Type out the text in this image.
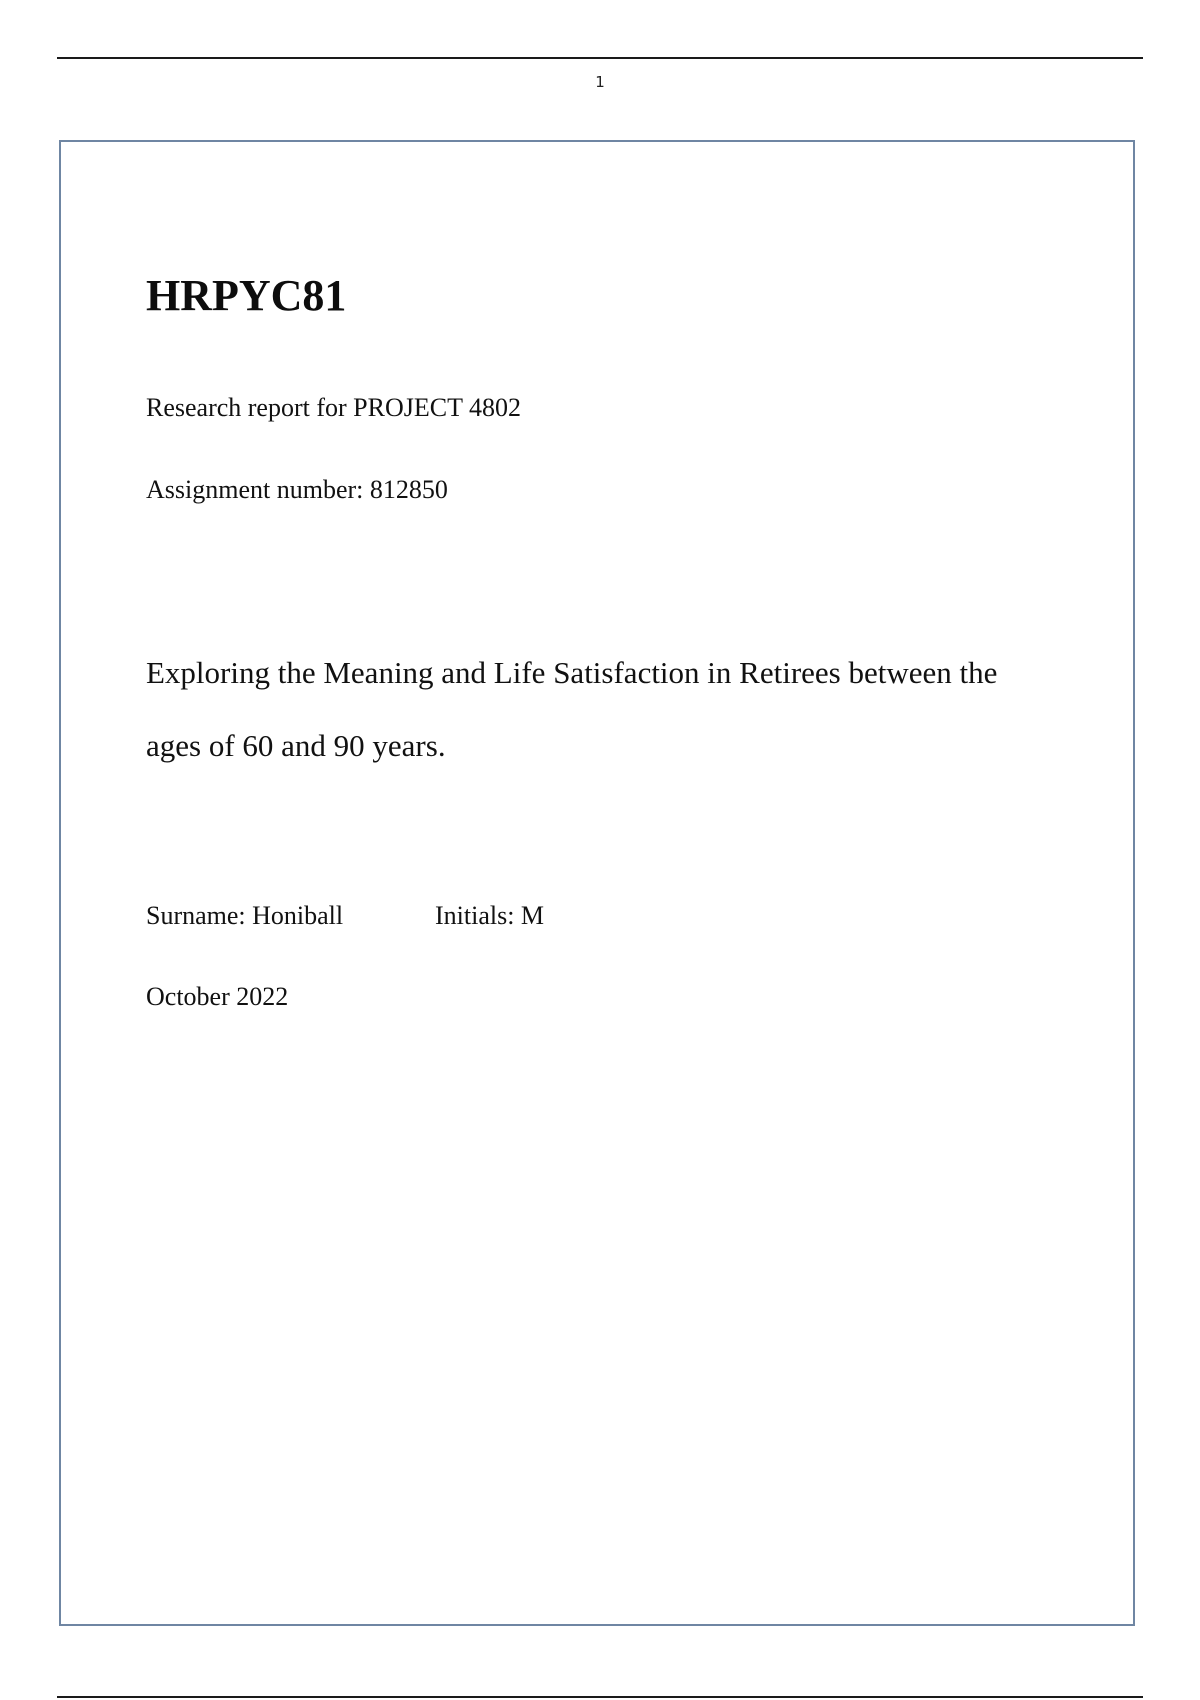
1
HRPYC81
Research report for PROJECT 4802
Assignment number: 812850
Exploring the Meaning and Life Satisfaction in Retirees between the
ages of 60 and 90 years.
Surname: Honiball	Initials: M
October 2022
